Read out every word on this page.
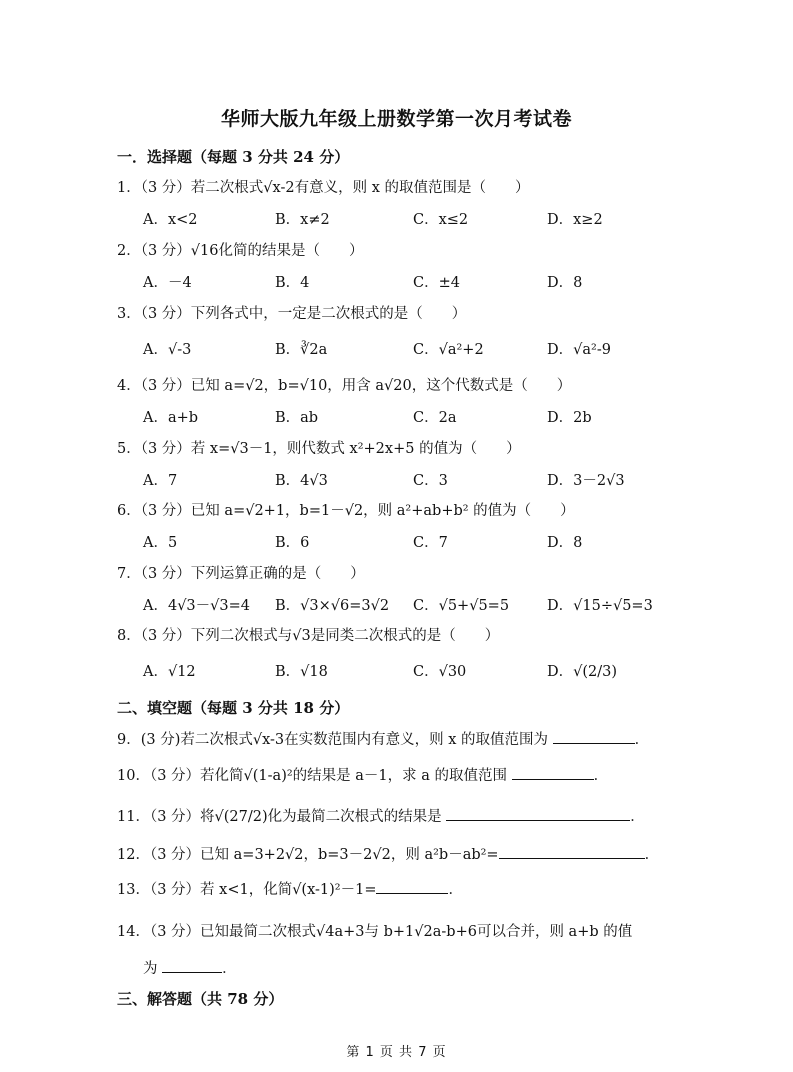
华师大版九年级上册数学第一次月考试卷
一．选择题（每题 3 分共 24 分）
1．（3 分）若二次根式√x-2有意义，则 x 的取值范围是（　　）
A．x<2	B．x≠2	C．x≤2	D．x≥2
2．（3 分）√16化简的结果是（　　）
A．－4	B．4	C．±4	D．8
3．（3 分）下列各式中，一定是二次根式的是（　　）
A．√-3	B．∛2a	C．√a²+2	D．√a²-9
4．（3 分）已知 a=√2，b=√10，用含 a√20，这个代数式是（　　）
A．a+b	B．ab	C．2a	D．2b
5．（3 分）若 x=√3－1，则代数式 x²+2x+5 的值为（　　）
A．7	B．4√3	C．3	D．3－2√3
6．（3 分）已知 a=√2+1，b=1－√2，则 a²+ab+b² 的值为（　　）
A．5	B．6	C．7	D．8
7．（3 分）下列运算正确的是（　　）
A．4√3－√3=4 B．√3×√6=3√2 C．√5+√5=5	D．√15÷√5=3
8．（3 分）下列二次根式与√3是同类二次根式的是（　　）
A．√12	B．√18	C．√30	D．√(2/3)
二、填空题（每题 3 分共 18 分）
9．(3 分)若二次根式√x-3在实数范围内有意义，则 x 的取值范围为	．
10．（3 分）若化简√(1-a)²的结果是 a－1，求 a 的取值范围	．
11．（3 分）将√(27/2)化为最简二次根式的结果是	．
12．（3 分）已知 a=3+2√2，b=3－2√2，则 a²b－ab²=	．
13．（3 分）若 x<1，化简√(x-1)²－1=	．
14．（3 分）已知最简二次根式√4a+3与 b+1√2a-b+6可以合并，则 a+b 的值
为	．
三、解答题（共 78 分）
第 1 页 共 7 页
